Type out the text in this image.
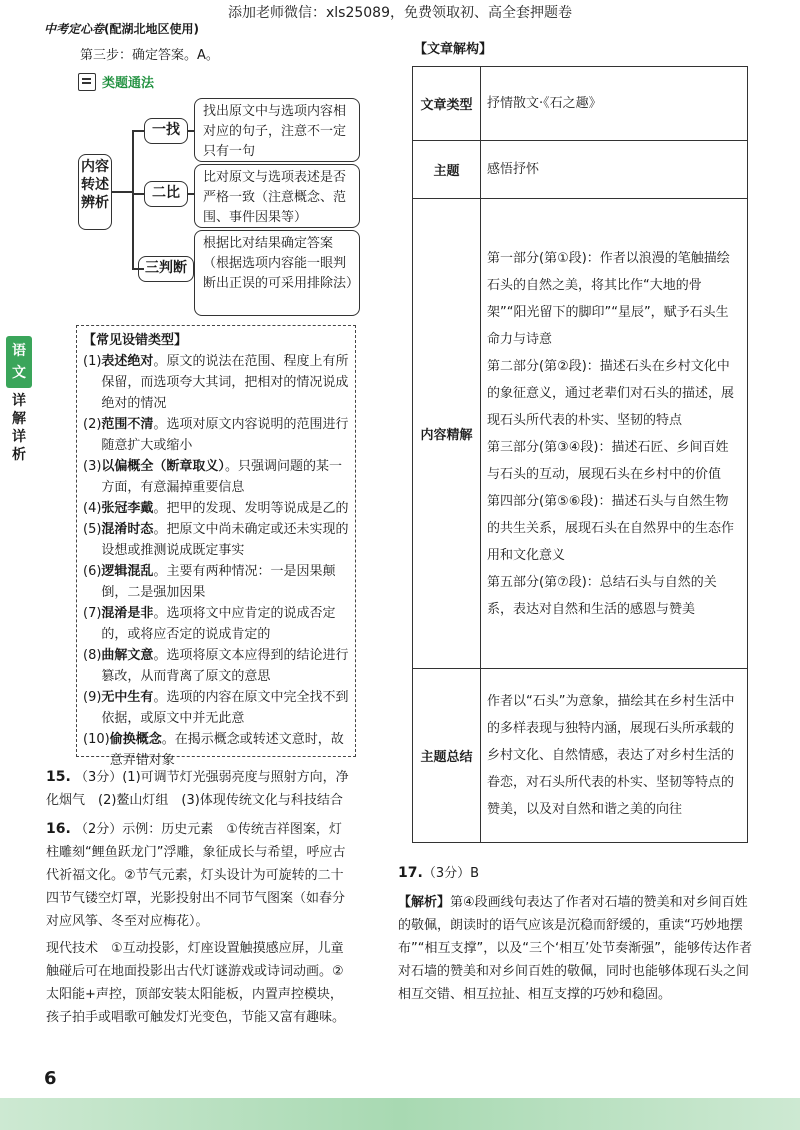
添加老师微信：xls25089，免费领取初、高全套押题卷
中考定心卷(配湖北地区使用)
语
文
详
解
详
析
第三步：确定答案。A。
类题通法
内容转述辨析
一找
二比
三判断
找出原文中与选项内容相对应的句子，注意不一定只有一句
比对原文与选项表述是否严格一致（注意概念、范围、事件因果等）
根据比对结果确定答案（根据选项内容能一眼判断出正误的可采用排除法）
【常见设错类型】
(1) 表述绝对。原文的说法在范围、程度上有所保留，而选项夸大其词，把相对的情况说成绝对的情况
(2) 范围不清。选项对原文内容说明的范围进行随意扩大或缩小
(3) 以偏概全（断章取义）。只强调问题的某一方面，有意漏掉重要信息
(4) 张冠李戴。把甲的发现、发明等说成是乙的
(5) 混淆时态。把原文中尚未确定或还未实现的设想或推测说成既定事实
(6) 逻辑混乱。主要有两种情况：一是因果颠倒，二是强加因果
(7) 混淆是非。选项将文中应肯定的说成否定的，或将应否定的说成肯定的
(8) 曲解文意。选项将原文本应得到的结论进行篡改，从而背离了原文的意思
(9) 无中生有。选项的内容在原文中完全找不到依据，或原文中并无此意
(10) 偷换概念。在揭示概念或转述文意时，故意弄错对象
15. （3分）(1)可调节灯光强弱亮度与照射方向，净化烟气　(2)鳌山灯组　(3)体现传统文化与科技结合
16. （2分）示例：历史元素　①传统吉祥图案，灯柱雕刻“鲤鱼跃龙门”浮雕，象征成长与希望，呼应古代祈福文化。②节气元素，灯头设计为可旋转的二十四节气镂空灯罩，光影投射出不同节气图案（如春分对应风筝、冬至对应梅花）。
现代技术　①互动投影，灯座设置触摸感应屏，儿童触碰后可在地面投影出古代灯谜游戏或诗词动画。②太阳能+声控，顶部安装太阳能板，内置声控模块，孩子拍手或唱歌可触发灯光变色，节能又富有趣味。
【文章解构】
文章类型	抒情散文·《石之趣》
主题	感悟抒怀
内容精解	第一部分(第①段)：作者以浪漫的笔触描绘石头的自然之美，将其比作“大地的骨架”“阳光留下的脚印”“星辰”，赋予石头生命力与诗意
第二部分(第②段)：描述石头在乡村文化中的象征意义，通过老辈们对石头的描述，展现石头所代表的朴实、坚韧的特点
第三部分(第③④段)：描述石匠、乡间百姓与石头的互动，展现石头在乡村中的价值
第四部分(第⑤⑥段)：描述石头与自然生物的共生关系，展现石头在自然界中的生态作用和文化意义
第五部分(第⑦段)：总结石头与自然的关系，表达对自然和生活的感恩与赞美

主题总结	作者以“石头”为意象，描绘其在乡村生活中的多样表现与独特内涵，展现石头所承载的乡村文化、自然情感，表达了对乡村生活的眷恋，对石头所代表的朴实、坚韧等特点的赞美，以及对自然和谐之美的向往
17.（3分）B
【解析】第④段画线句表达了作者对石墙的赞美和对乡间百姓的敬佩，朗读时的语气应该是沉稳而舒缓的，重读“巧妙地摆布”“相互支撑”，以及“三个‘相互’处节奏渐强”，能够传达作者对石墙的赞美和对乡间百姓的敬佩，同时也能够体现石头之间相互交错、相互拉扯、相互支撑的巧妙和稳固。
6
